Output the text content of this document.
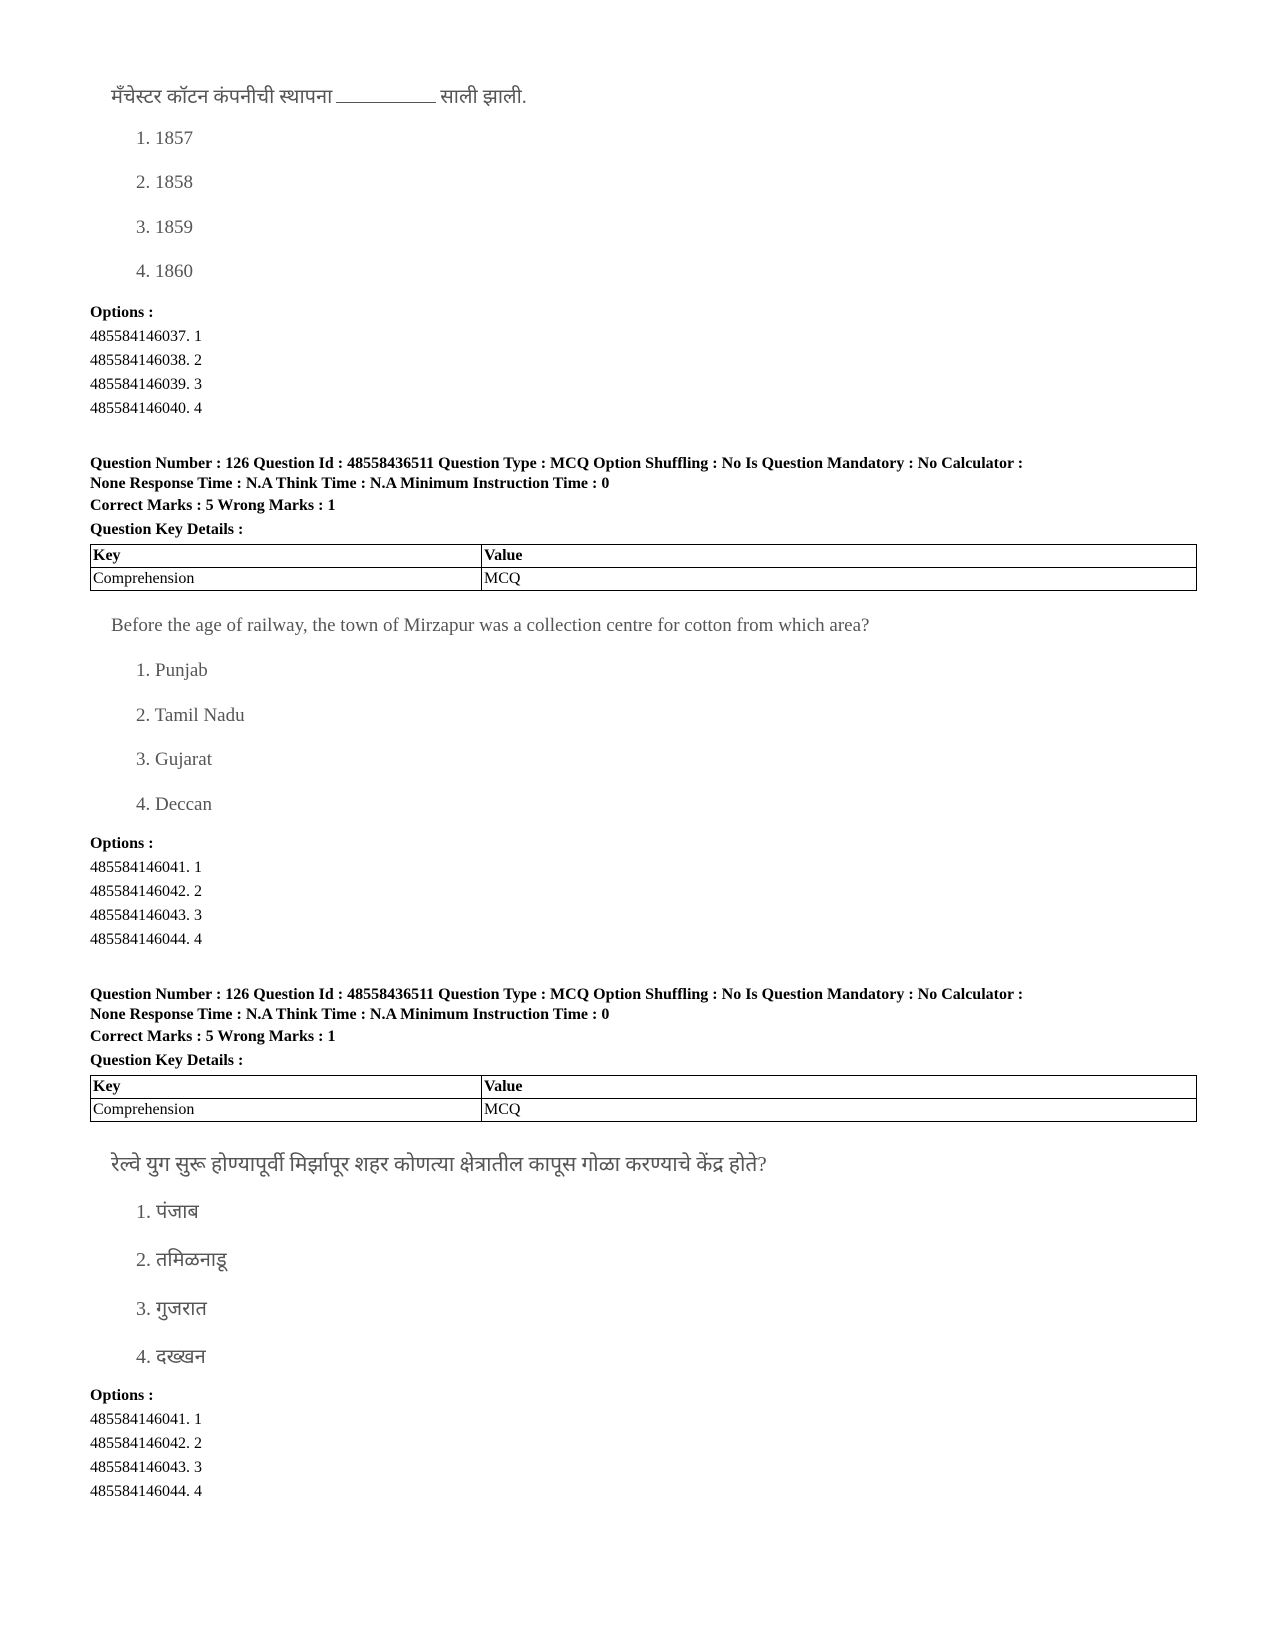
मँचेस्टर कॉटन कंपनीची स्थापना	साली झाली.
1. 1857
2. 1858
3. 1859
4. 1860
Options :
485584146037. 1
485584146038. 2
485584146039. 3
485584146040. 4
Question Number : 126 Question Id : 48558436511 Question Type : MCQ Option Shuffling : No Is Question Mandatory : No Calculator :
None Response Time : N.A Think Time : N.A Minimum Instruction Time : 0
Correct Marks : 5 Wrong Marks : 1
Question Key Details :
Key	Value
Comprehension	MCQ
Before the age of railway, the town of Mirzapur was a collection centre for cotton from which area?
1. Punjab
2. Tamil Nadu
3. Gujarat
4. Deccan
Options :
485584146041. 1
485584146042. 2
485584146043. 3
485584146044. 4
Question Number : 126 Question Id : 48558436511 Question Type : MCQ Option Shuffling : No Is Question Mandatory : No Calculator :
None Response Time : N.A Think Time : N.A Minimum Instruction Time : 0
Correct Marks : 5 Wrong Marks : 1
Question Key Details :
Key	Value
Comprehension	MCQ
रेल्वे युग सुरू होण्यापूर्वी मिर्झापूर शहर कोणत्या क्षेत्रातील कापूस गोळा करण्याचे केंद्र होते?
1. पंजाब
2. तमिळनाडू
3. गुजरात
4. दख्खन
Options :
485584146041. 1
485584146042. 2
485584146043. 3
485584146044. 4
